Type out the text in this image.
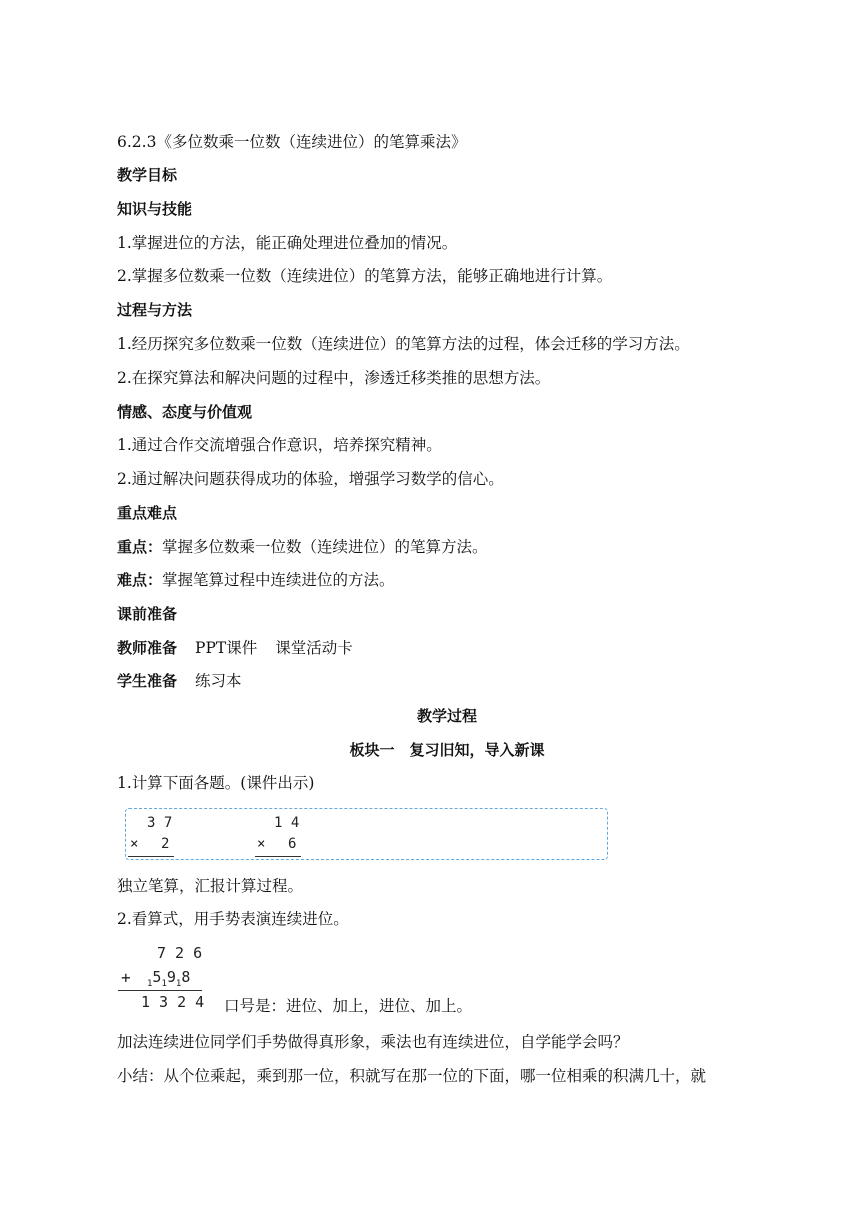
6.2.3《多位数乘一位数（连续进位）的笔算乘法》
教学目标
知识与技能
1.掌握进位的方法，能正确处理进位叠加的情况。
2.掌握多位数乘一位数（连续进位）的笔算方法，能够正确地进行计算。
过程与方法
1.经历探究多位数乘一位数（连续进位）的笔算方法的过程，体会迁移的学习方法。
2.在探究算法和解决问题的过程中，渗透迁移类推的思想方法。
情感、态度与价值观
1.通过合作交流增强合作意识，培养探究精神。
2.通过解决问题获得成功的体验，增强学习数学的信心。
重点难点
重点：掌握多位数乘一位数（连续进位）的笔算方法。
难点：掌握笔算过程中连续进位的方法。
课前准备
教师准备 PPT课件 课堂活动卡
学生准备 练习本
教学过程
板块一　复习旧知，导入新课
1.计算下面各题。(课件出示)
3 7
× 2
1 4
× 6
独立笔算，汇报计算过程。
2.看算式，用手势表演连续进位。
7 2 6
+ $_15_19_18$
1 3 2 4 口号是：进位、加上，进位、加上。
加法连续进位同学们手势做得真形象，乘法也有连续进位，自学能学会吗？
小结：从个位乘起，乘到那一位，积就写在那一位的下面，哪一位相乘的积满几十，就
